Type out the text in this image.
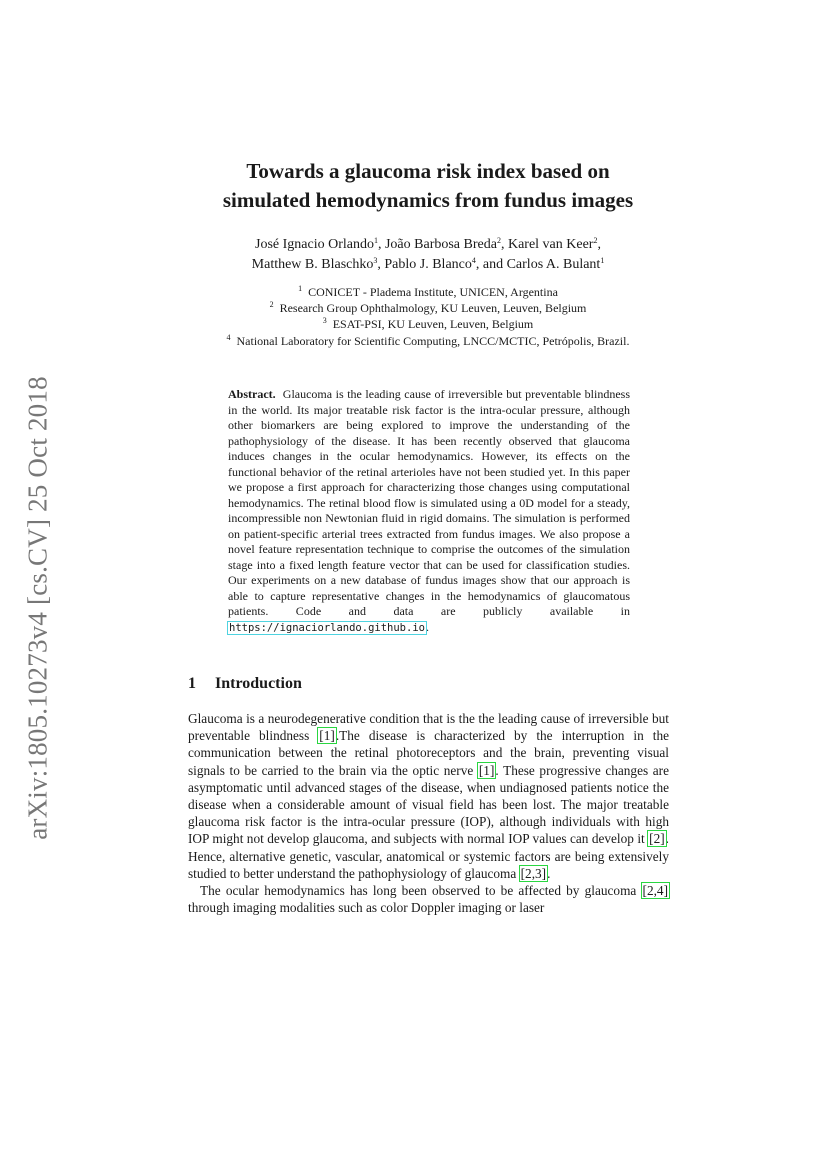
arXiv:1805.10273v4 [cs.CV] 25 Oct 2018
Towards a glaucoma risk index based on
simulated hemodynamics from fundus images
José Ignacio Orlando$^1$, João Barbosa Breda$^2$, Karel van Keer$^2$,
Matthew B. Blaschko$^3$, Pablo J. Blanco$^4$, and Carlos A. Bulant$^1$
$^1$ CONICET - Pladema Institute, UNICEN, Argentina
$^2$ Research Group Ophthalmology, KU Leuven, Leuven, Belgium
$^3$ ESAT-PSI, KU Leuven, Leuven, Belgium
$^4$ National Laboratory for Scientific Computing, LNCC/MCTIC, Petrópolis, Brazil.

Abstract. Glaucoma is the leading cause of irreversible but preventable blindness in the world. Its major treatable risk factor is the intra-ocular pressure, although other biomarkers are being explored to improve the understanding of the pathophysiology of the disease. It has been recently observed that glaucoma induces changes in the ocular hemodynamics. However, its effects on the functional behavior of the retinal arterioles have not been studied yet. In this paper we propose a first approach for characterizing those changes using computational hemodynamics. The retinal blood flow is simulated using a 0D model for a steady, incompressible non Newtonian fluid in rigid domains. The simulation is performed on patient-specific arterial trees extracted from fundus images. We also propose a novel feature representation technique to comprise the outcomes of the simulation stage into a fixed length feature vector that can be used for classification studies. Our experiments on a new database of fundus images show that our approach is able to capture representative changes in the hemodynamics of glaucomatous patients. Code and data are publicly available in https://ignaciorlando.github.io.

1 Introduction

Glaucoma is a neurodegenerative condition that is the the leading cause of irreversible but preventable blindness [1].The disease is characterized by the interruption in the communication between the retinal photoreceptors and the brain, preventing visual signals to be carried to the brain via the optic nerve [1]. These progressive changes are asymptomatic until advanced stages of the disease, when undiagnosed patients notice the disease when a considerable amount of visual field has been lost. The major treatable glaucoma risk factor is the intra-ocular pressure (IOP), although individuals with high IOP might not develop glaucoma, and subjects with normal IOP values can develop it [2]. Hence, alternative genetic, vascular, anatomical or systemic factors are being extensively studied to better understand the pathophysiology of glaucoma [2,3].

The ocular hemodynamics has long been observed to be affected by glaucoma [2,4] through imaging modalities such as color Doppler imaging or laser
